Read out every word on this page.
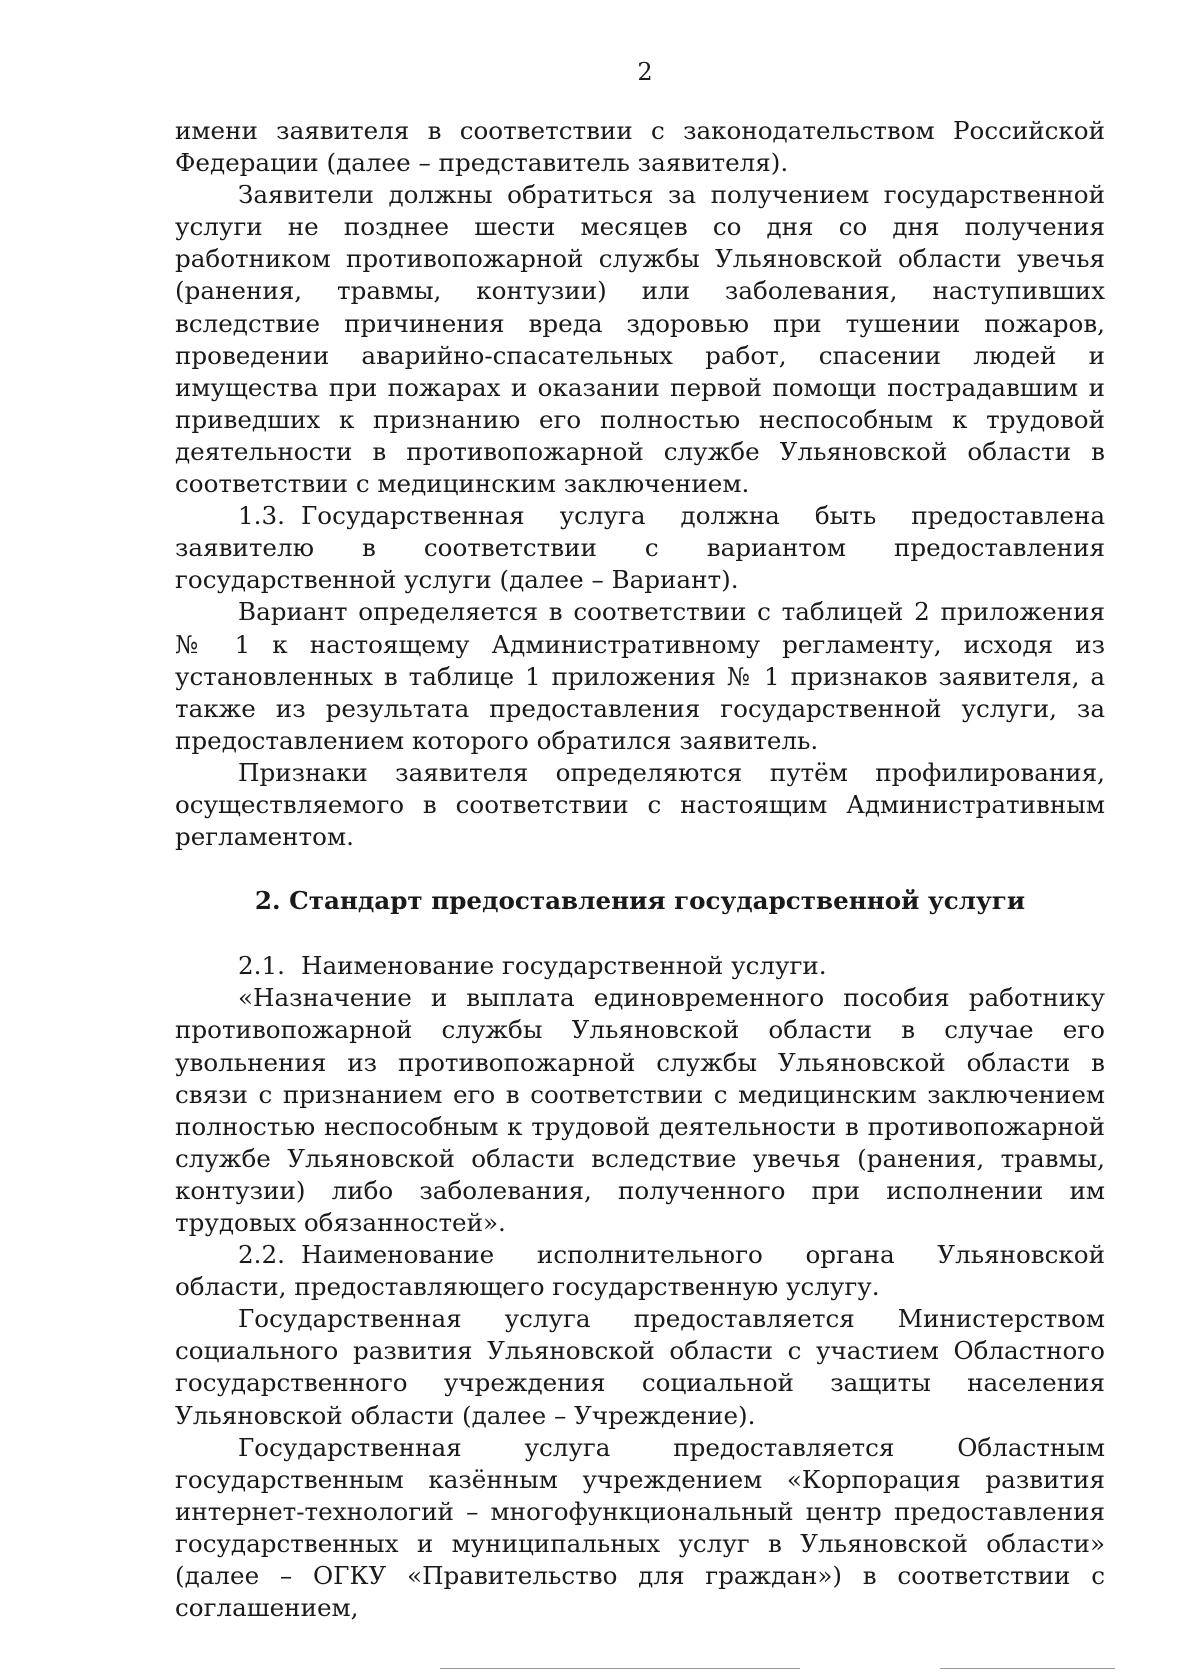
2

имени заявителя в соответствии с законодательством Российской Федерации (далее – представитель заявителя).

Заявители должны обратиться за получением государственной услуги не позднее шести месяцев со дня со дня получения работником противопожарной службы Ульяновской области увечья (ранения, травмы, контузии) или заболевания, наступивших вследствие причинения вреда здоровью при тушении пожаров, проведении аварийно-спасательных работ, спасении людей и имущества при пожарах и оказании первой помощи пострадавшим и приведших к признанию его полностью неспособным к трудовой деятельности в противопожарной службе Ульяновской области в соответствии с медицинским заключением.

1.3. Государственная услуга должна быть предоставлена заявителю в соответствии с вариантом предоставления государственной услуги (далее – Вариант).

Вариант определяется в соответствии с таблицей 2 приложения № 1 к настоящему Административному регламенту, исходя из установленных в таблице 1 приложения № 1 признаков заявителя, а также из результата предоставления государственной услуги, за предоставлением которого обратился заявитель.

Признаки заявителя определяются путём профилирования, осуществляемого в соответствии с настоящим Административным регламентом.

2. Стандарт предоставления государственной услуги

2.1. Наименование государственной услуги.

«Назначение и выплата единовременного пособия работнику противопожарной службы Ульяновской области в случае его увольнения из противопожарной службы Ульяновской области в связи с признанием его в соответствии с медицинским заключением полностью неспособным к трудовой деятельности в противопожарной службе Ульяновской области вследствие увечья (ранения, травмы, контузии) либо заболевания, полученного при исполнении им трудовых обязанностей».

2.2. Наименование исполнительного органа Ульяновской области, предоставляющего государственную услугу.

Государственная услуга предоставляется Министерством социального развития Ульяновской области с участием Областного государственного учреждения социальной защиты населения Ульяновской области (далее – Учреждение).

Государственная услуга предоставляется Областным государственным казённым учреждением «Корпорация развития интернет-технологий – многофункциональный центр предоставления государственных и муниципальных услуг в Ульяновской области» (далее – ОГКУ «Правительство для граждан») в соответствии с соглашением,
